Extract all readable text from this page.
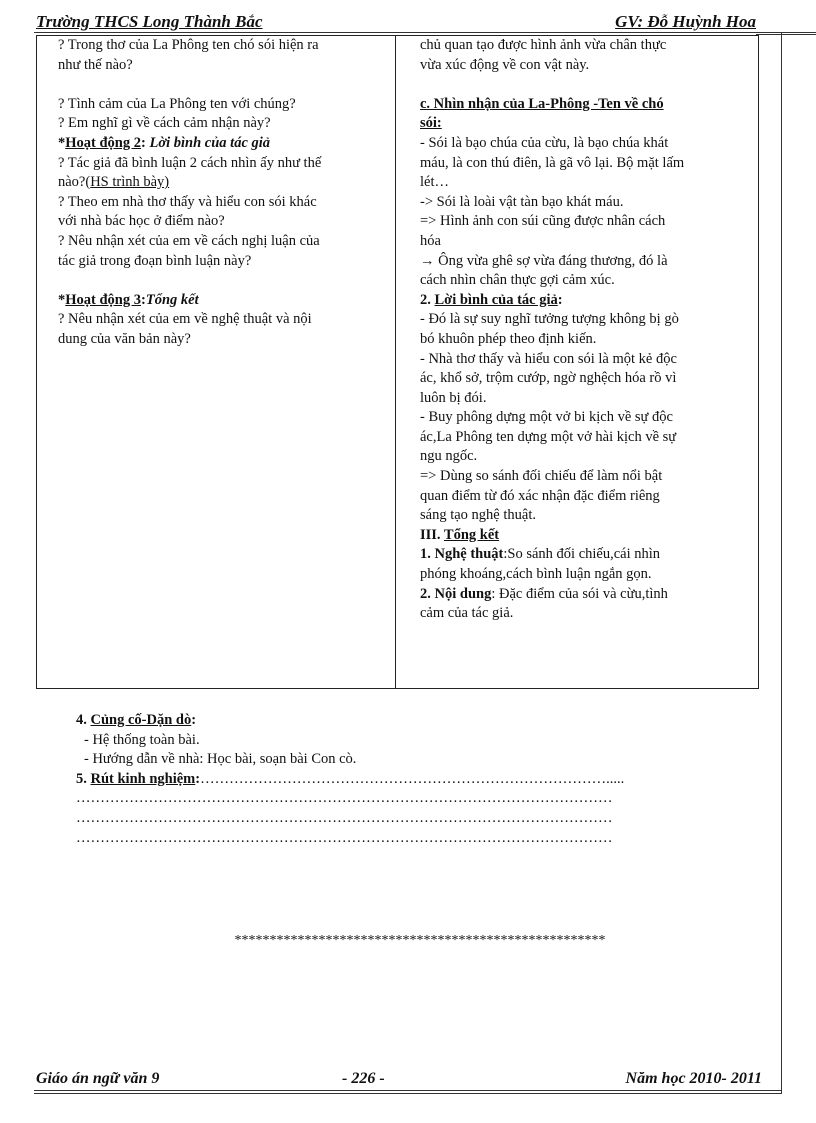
Trường THCS Long Thành Bắc	GV: Đỗ Huỳnh Hoa
? Trong thơ của La Phông ten chó sói hiện ra
như thế nào?
? Tình cảm của La Phông ten với chúng?
? Em nghĩ gì về cách cảm nhận này?
*Hoạt động 2: Lời bình của tác giả
? Tác giả đã bình luận 2 cách nhìn ấy như thế
nào?(HS trình bày)
? Theo em nhà thơ thấy và hiểu con sói khác
với nhà bác học ở điểm nào?
? Nêu nhận xét của em về cách nghị luận của
tác giả trong đoạn bình luận này?
*Hoạt động 3:Tổng kết
? Nêu nhận xét của em về nghệ thuật và nội
dung của văn bản này?
chủ quan tạo được hình ảnh vừa chân thực
vừa xúc động về con vật này.
c. Nhìn nhận của La-Phông -Ten về chó
sói:
- Sói là bạo chúa của cừu, là bạo chúa khát
máu, là con thú điên, là gã vô lại. Bộ mặt lấm
lét…
-> Sói là loài vật tàn bạo khát máu.
=> Hình ảnh con súi cũng được nhân cách
hóa
→ Ông vừa ghê sợ vừa đáng thương, đó là
cách nhìn chân thực gợi cảm xúc.
2. Lời bình của tác giả:
- Đó là sự suy nghĩ tưởng tượng không bị gò
bó khuôn phép theo định kiến.
- Nhà thơ thấy và hiểu con sói là một kẻ độc
ác, khổ sở, trộm cướp, ngờ nghệch hóa rồ vì
luôn bị đói.
- Buy phông dựng một vở bi kịch về sự độc
ác,La Phông ten dựng một vở hài kịch về sự
ngu ngốc.
=> Dùng so sánh đối chiếu để làm nổi bật
quan điểm từ đó xác nhận đặc điểm riêng
sáng tạo nghệ thuật.
III. Tổng kết
1. Nghệ thuật:So sánh đối chiếu,cái nhìn
phóng khoáng,cách bình luận ngắn gọn.
2. Nội dung: Đặc điểm của sói và cừu,tình
cảm của tác giả.
4. Củng cố-Dặn dò:
- Hệ thống toàn bài.
- Hướng dẫn về nhà: Học bài, soạn bài Con cò.
5. Rút kinh nghiệm:………………………………………………………………………….....
…………………………………………………………………………………………………
…………………………………………………………………………………………………
…………………………………………………………………………………………………
*****************************************************
Giáo án ngữ văn 9	- 226 -	Năm học 2010- 2011
